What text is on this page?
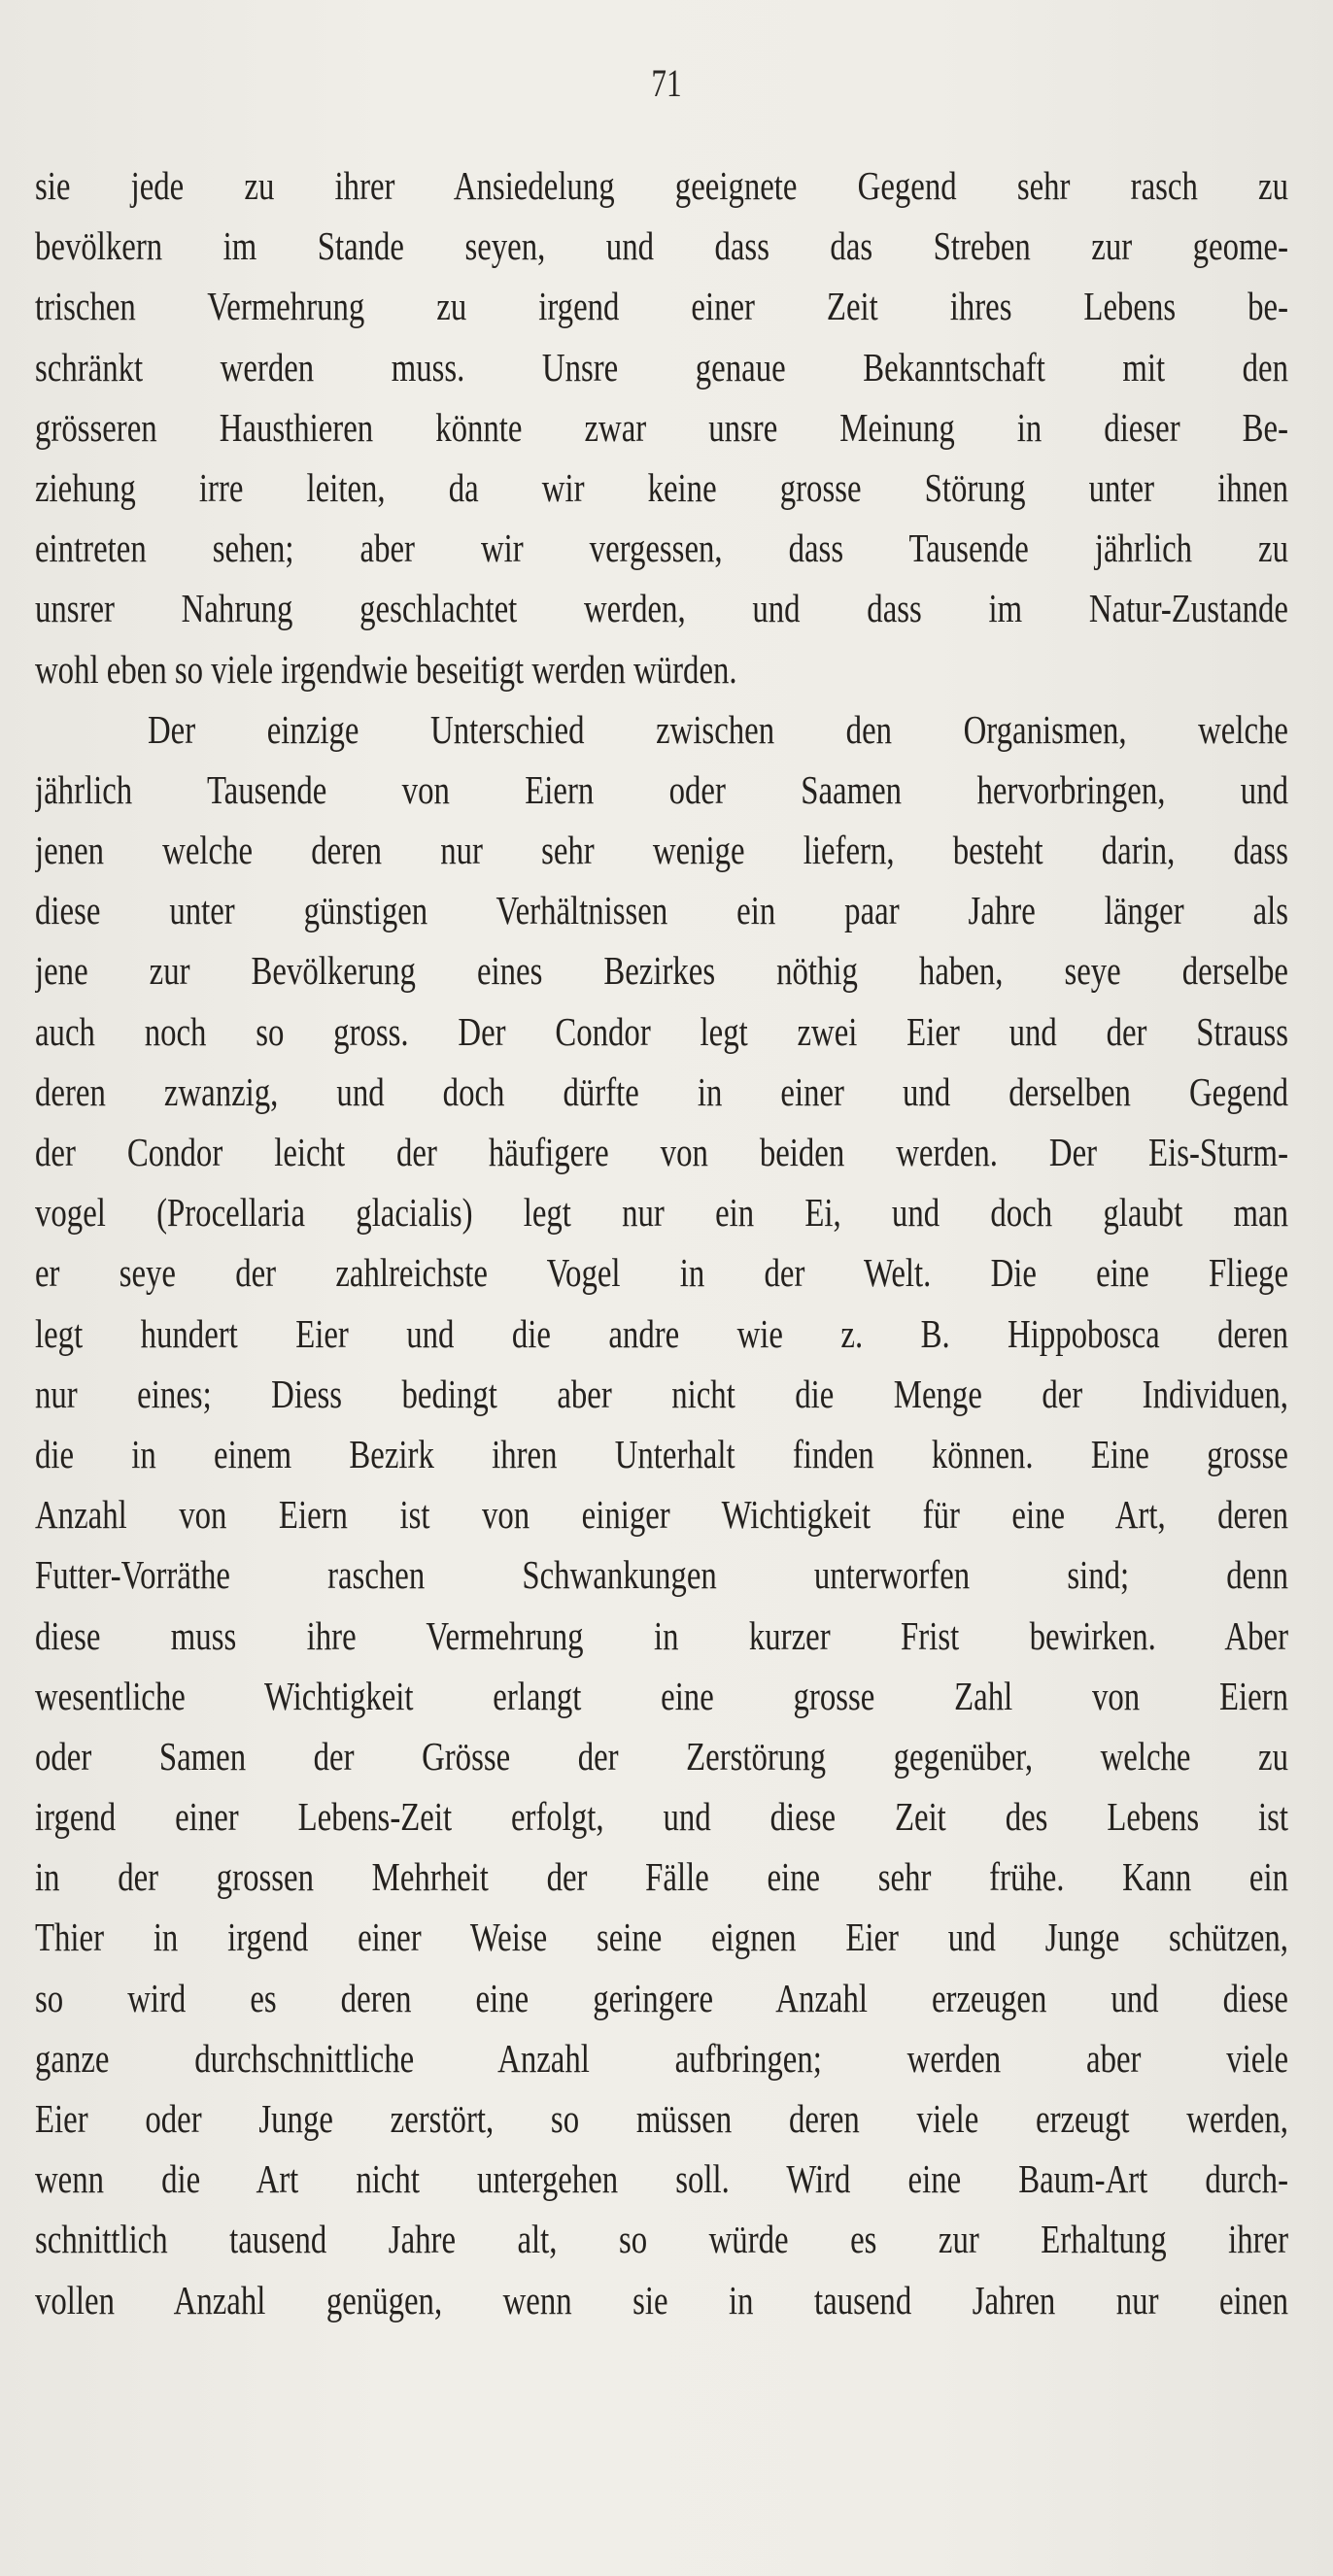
71
sie jede zu ihrer Ansiedelung geeignete Gegend sehr rasch zu
bevölkern im Stande seyen, und dass das Streben zur geome-
trischen Vermehrung zu irgend einer Zeit ihres Lebens be-
schränkt werden muss. Unsre genaue Bekanntschaft mit den
grösseren Hausthieren könnte zwar unsre Meinung in dieser Be-
ziehung irre leiten, da wir keine grosse Störung unter ihnen
eintreten sehen; aber wir vergessen, dass Tausende jährlich zu
unsrer Nahrung geschlachtet werden, und dass im Natur-Zustande
wohl eben so viele irgendwie beseitigt werden würden.
Der einzige Unterschied zwischen den Organismen, welche
jährlich Tausende von Eiern oder Saamen hervorbringen, und
jenen welche deren nur sehr wenige liefern, besteht darin, dass
diese unter günstigen Verhältnissen ein paar Jahre länger als
jene zur Bevölkerung eines Bezirkes nöthig haben, seye derselbe
auch noch so gross. Der Condor legt zwei Eier und der Strauss
deren zwanzig, und doch dürfte in einer und derselben Gegend
der Condor leicht der häufigere von beiden werden. Der Eis-Sturm-
vogel (Procellaria glacialis) legt nur ein Ei, und doch glaubt man
er seye der zahlreichste Vogel in der Welt. Die eine Fliege
legt hundert Eier und die andre wie z. B. Hippobosca deren
nur eines; Diess bedingt aber nicht die Menge der Individuen,
die in einem Bezirk ihren Unterhalt finden können. Eine grosse
Anzahl von Eiern ist von einiger Wichtigkeit für eine Art, deren
Futter-Vorräthe raschen Schwankungen unterworfen sind; denn
diese muss ihre Vermehrung in kurzer Frist bewirken. Aber
wesentliche Wichtigkeit erlangt eine grosse Zahl von Eiern
oder Samen der Grösse der Zerstörung gegenüber, welche zu
irgend einer Lebens-Zeit erfolgt, und diese Zeit des Lebens ist
in der grossen Mehrheit der Fälle eine sehr frühe. Kann ein
Thier in irgend einer Weise seine eignen Eier und Junge schützen,
so wird es deren eine geringere Anzahl erzeugen und diese
ganze durchschnittliche Anzahl aufbringen; werden aber viele
Eier oder Junge zerstört, so müssen deren viele erzeugt werden,
wenn die Art nicht untergehen soll. Wird eine Baum-Art durch-
schnittlich tausend Jahre alt, so würde es zur Erhaltung ihrer
vollen Anzahl genügen, wenn sie in tausend Jahren nur einen
